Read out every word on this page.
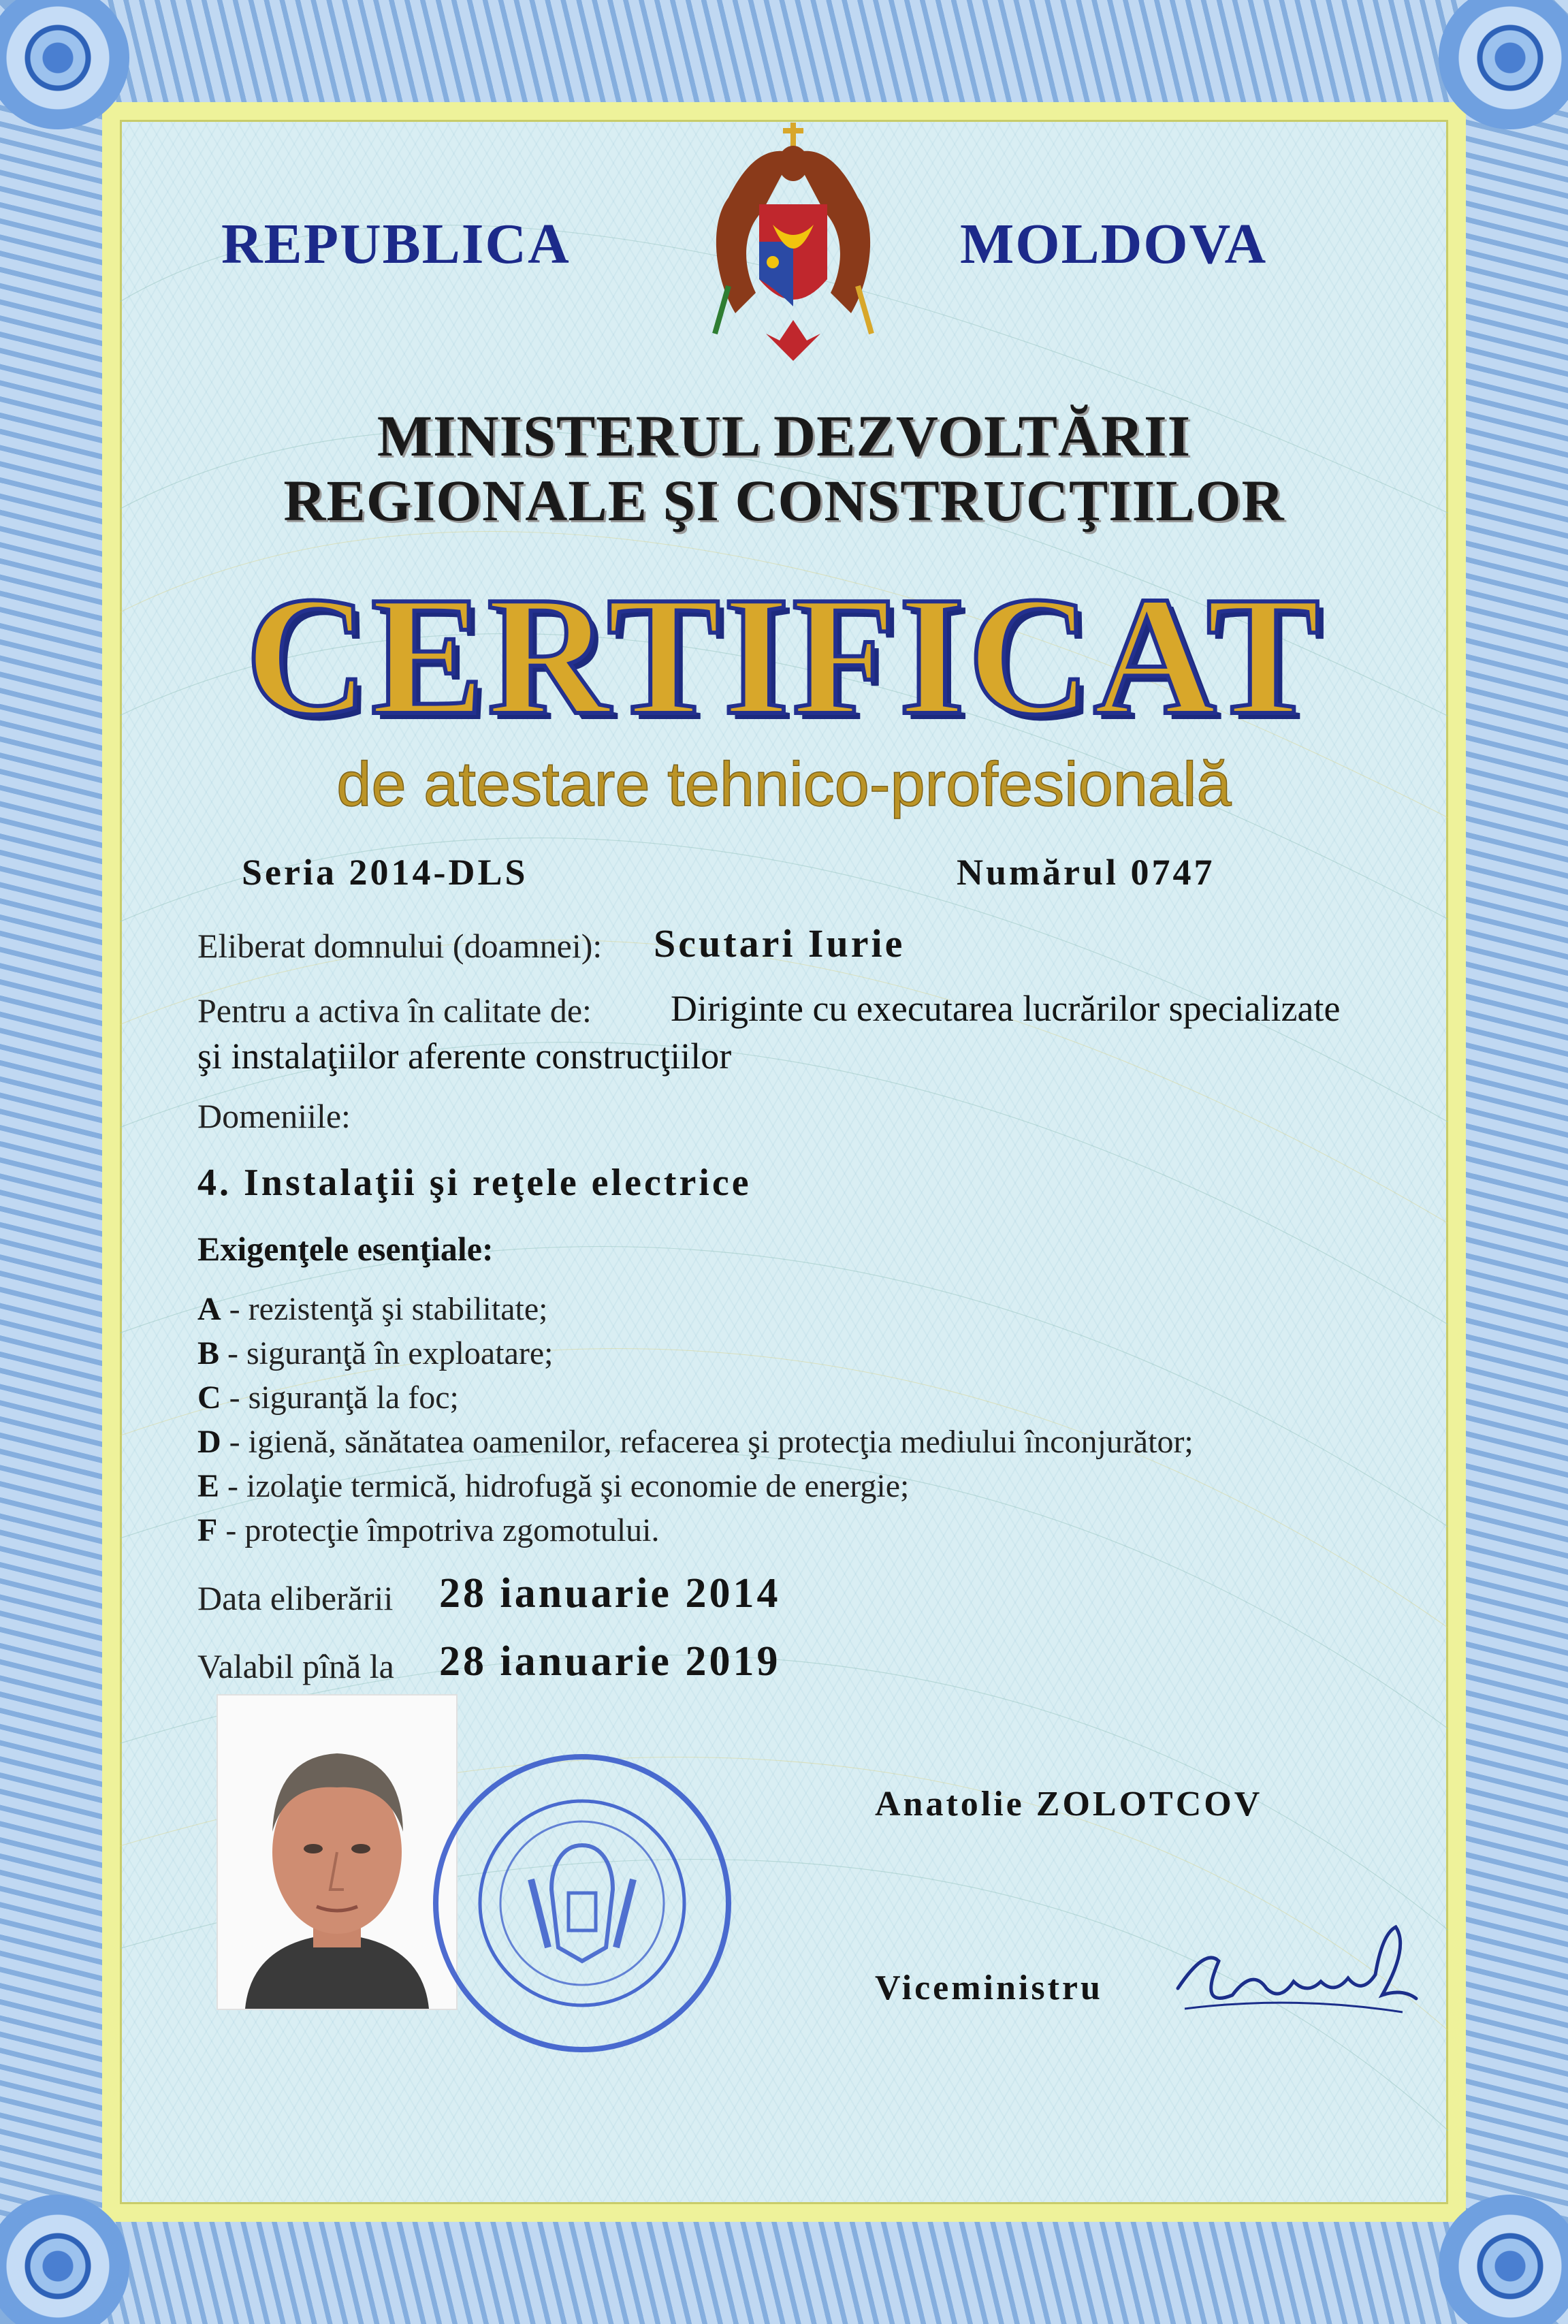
REPUBLICA	MOLDOVA
MINISTERUL DEZVOLTĂRII
REGIONALE ŞI CONSTRUCŢIILOR
CERTIFICAT
de atestare tehnico-profesională
Seria 2014-DLS	Numărul 0747
Eliberat domnului (doamnei): Scutari Iurie
Pentru a activa în calitate de: Diriginte cu executarea lucrărilor specializate
şi instalaţiilor aferente construcţiilor
Domeniile:
4. Instalaţii şi reţele electrice
Exigenţele esenţiale:
A - rezistenţă şi stabilitate;
B - siguranţă în exploatare;
C - siguranţă la foc;
D - igienă, sănătatea oamenilor, refacerea şi protecţia mediului înconjurător;
E - izolaţie termică, hidrofugă şi economie de energie;
F - protecţie împotriva zgomotului.
Data eliberării 28 ianuarie 2014
Valabil pînă la 28 ianuarie 2019
Anatolie ZOLOTCOV
Viceministru
